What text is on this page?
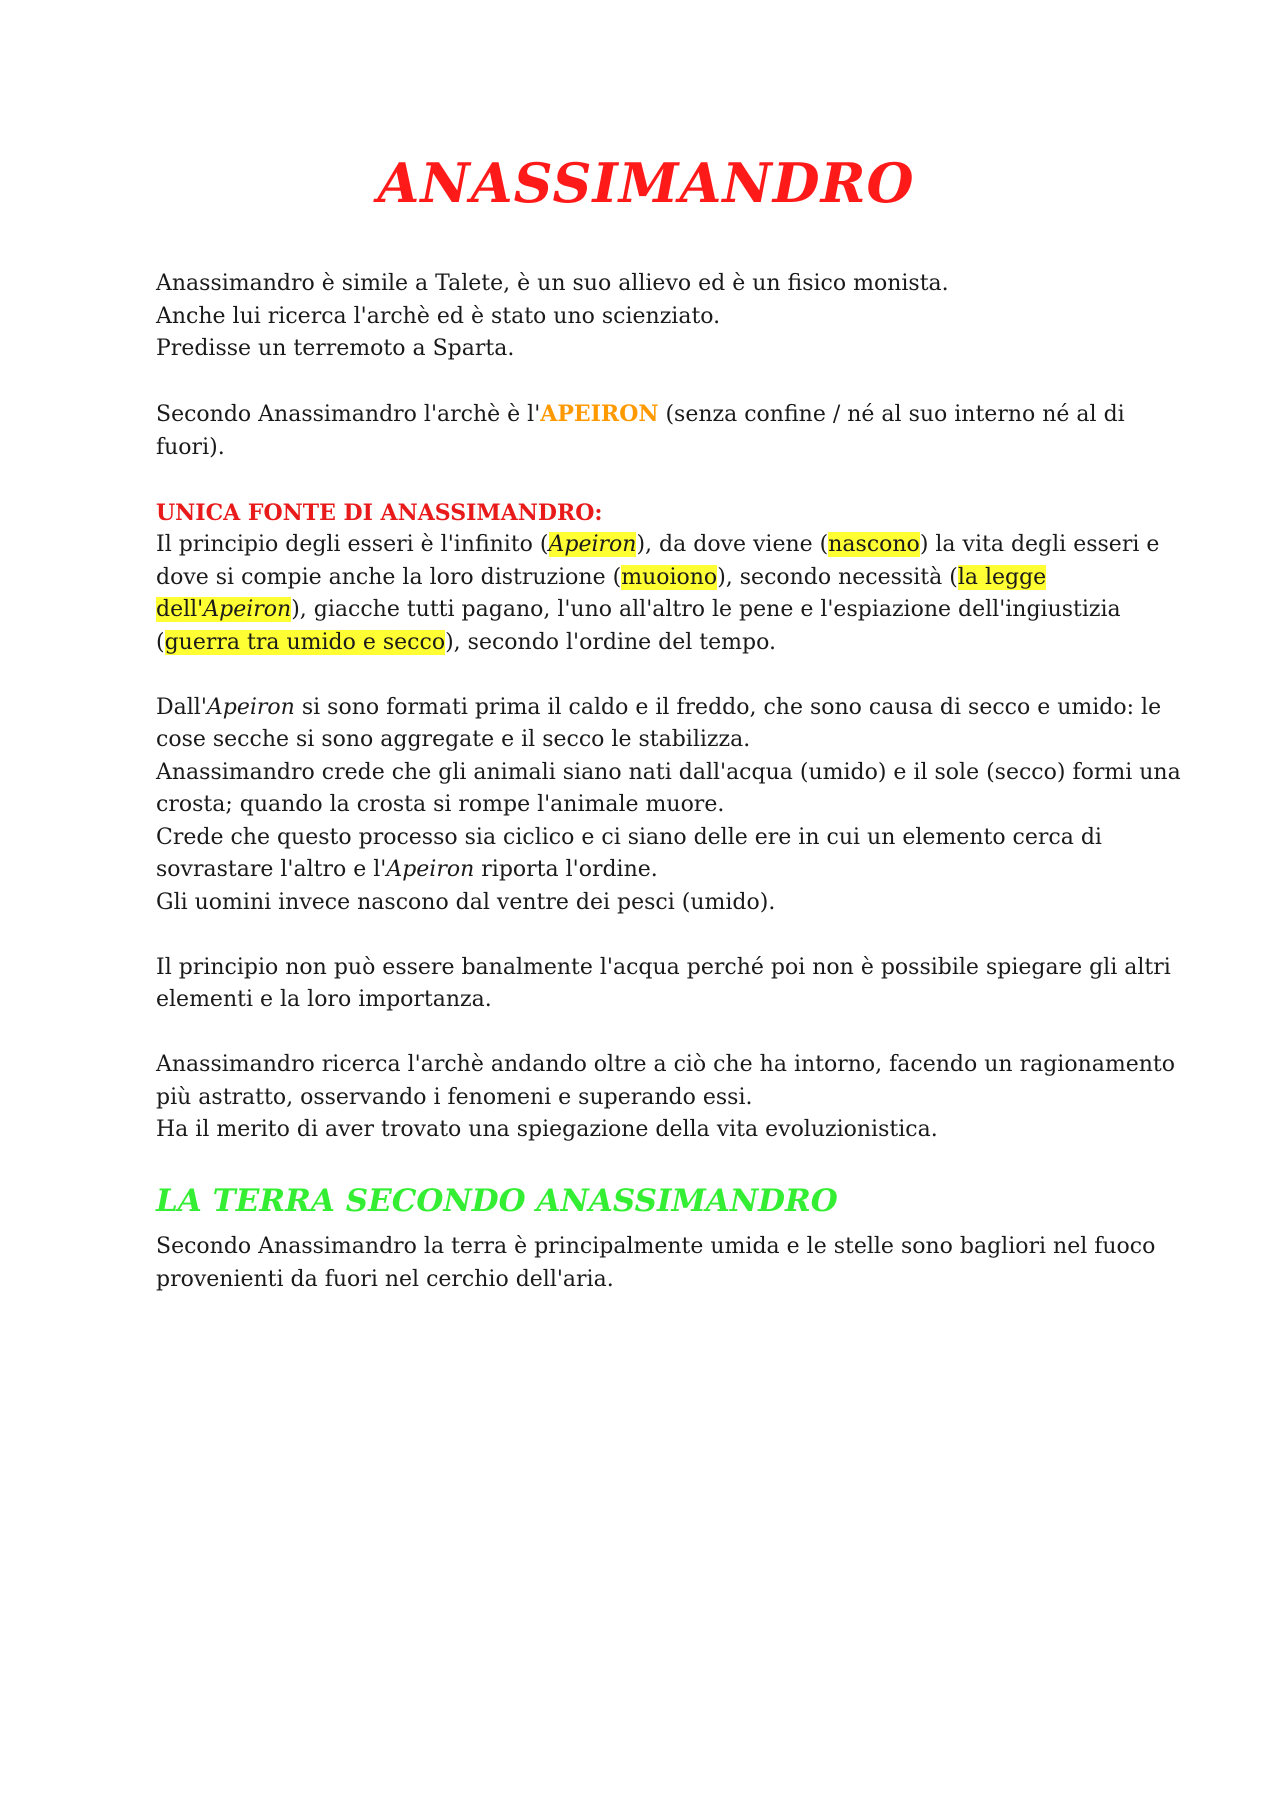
ANASSIMANDRO
Anassimandro è simile a Talete, è un suo allievo ed è un fisico monista.
Anche lui ricerca l'archè ed è stato uno scienziato.
Predisse un terremoto a Sparta.
Secondo Anassimandro l'archè è l'APEIRON (senza confine / né al suo interno né al di
fuori).
UNICA FONTE DI ANASSIMANDRO:
Il principio degli esseri è l'infinito (Apeiron), da dove viene (nascono) la vita degli esseri e
dove si compie anche la loro distruzione (muoiono), secondo necessità (la legge
dell'Apeiron), giacche tutti pagano, l'uno all'altro le pene e l'espiazione dell'ingiustizia
(guerra tra umido e secco), secondo l'ordine del tempo.
Dall'Apeiron si sono formati prima il caldo e il freddo, che sono causa di secco e umido: le
cose secche si sono aggregate e il secco le stabilizza.
Anassimandro crede che gli animali siano nati dall'acqua (umido) e il sole (secco) formi una
crosta; quando la crosta si rompe l'animale muore.
Crede che questo processo sia ciclico e ci siano delle ere in cui un elemento cerca di
sovrastare l'altro e l'Apeiron riporta l'ordine.
Gli uomini invece nascono dal ventre dei pesci (umido).
Il principio non può essere banalmente l'acqua perché poi non è possibile spiegare gli altri
elementi e la loro importanza.
Anassimandro ricerca l'archè andando oltre a ciò che ha intorno, facendo un ragionamento
più astratto, osservando i fenomeni e superando essi.
Ha il merito di aver trovato una spiegazione della vita evoluzionistica.
LA TERRA SECONDO ANASSIMANDRO
Secondo Anassimandro la terra è principalmente umida e le stelle sono bagliori nel fuoco
provenienti da fuori nel cerchio dell'aria.
